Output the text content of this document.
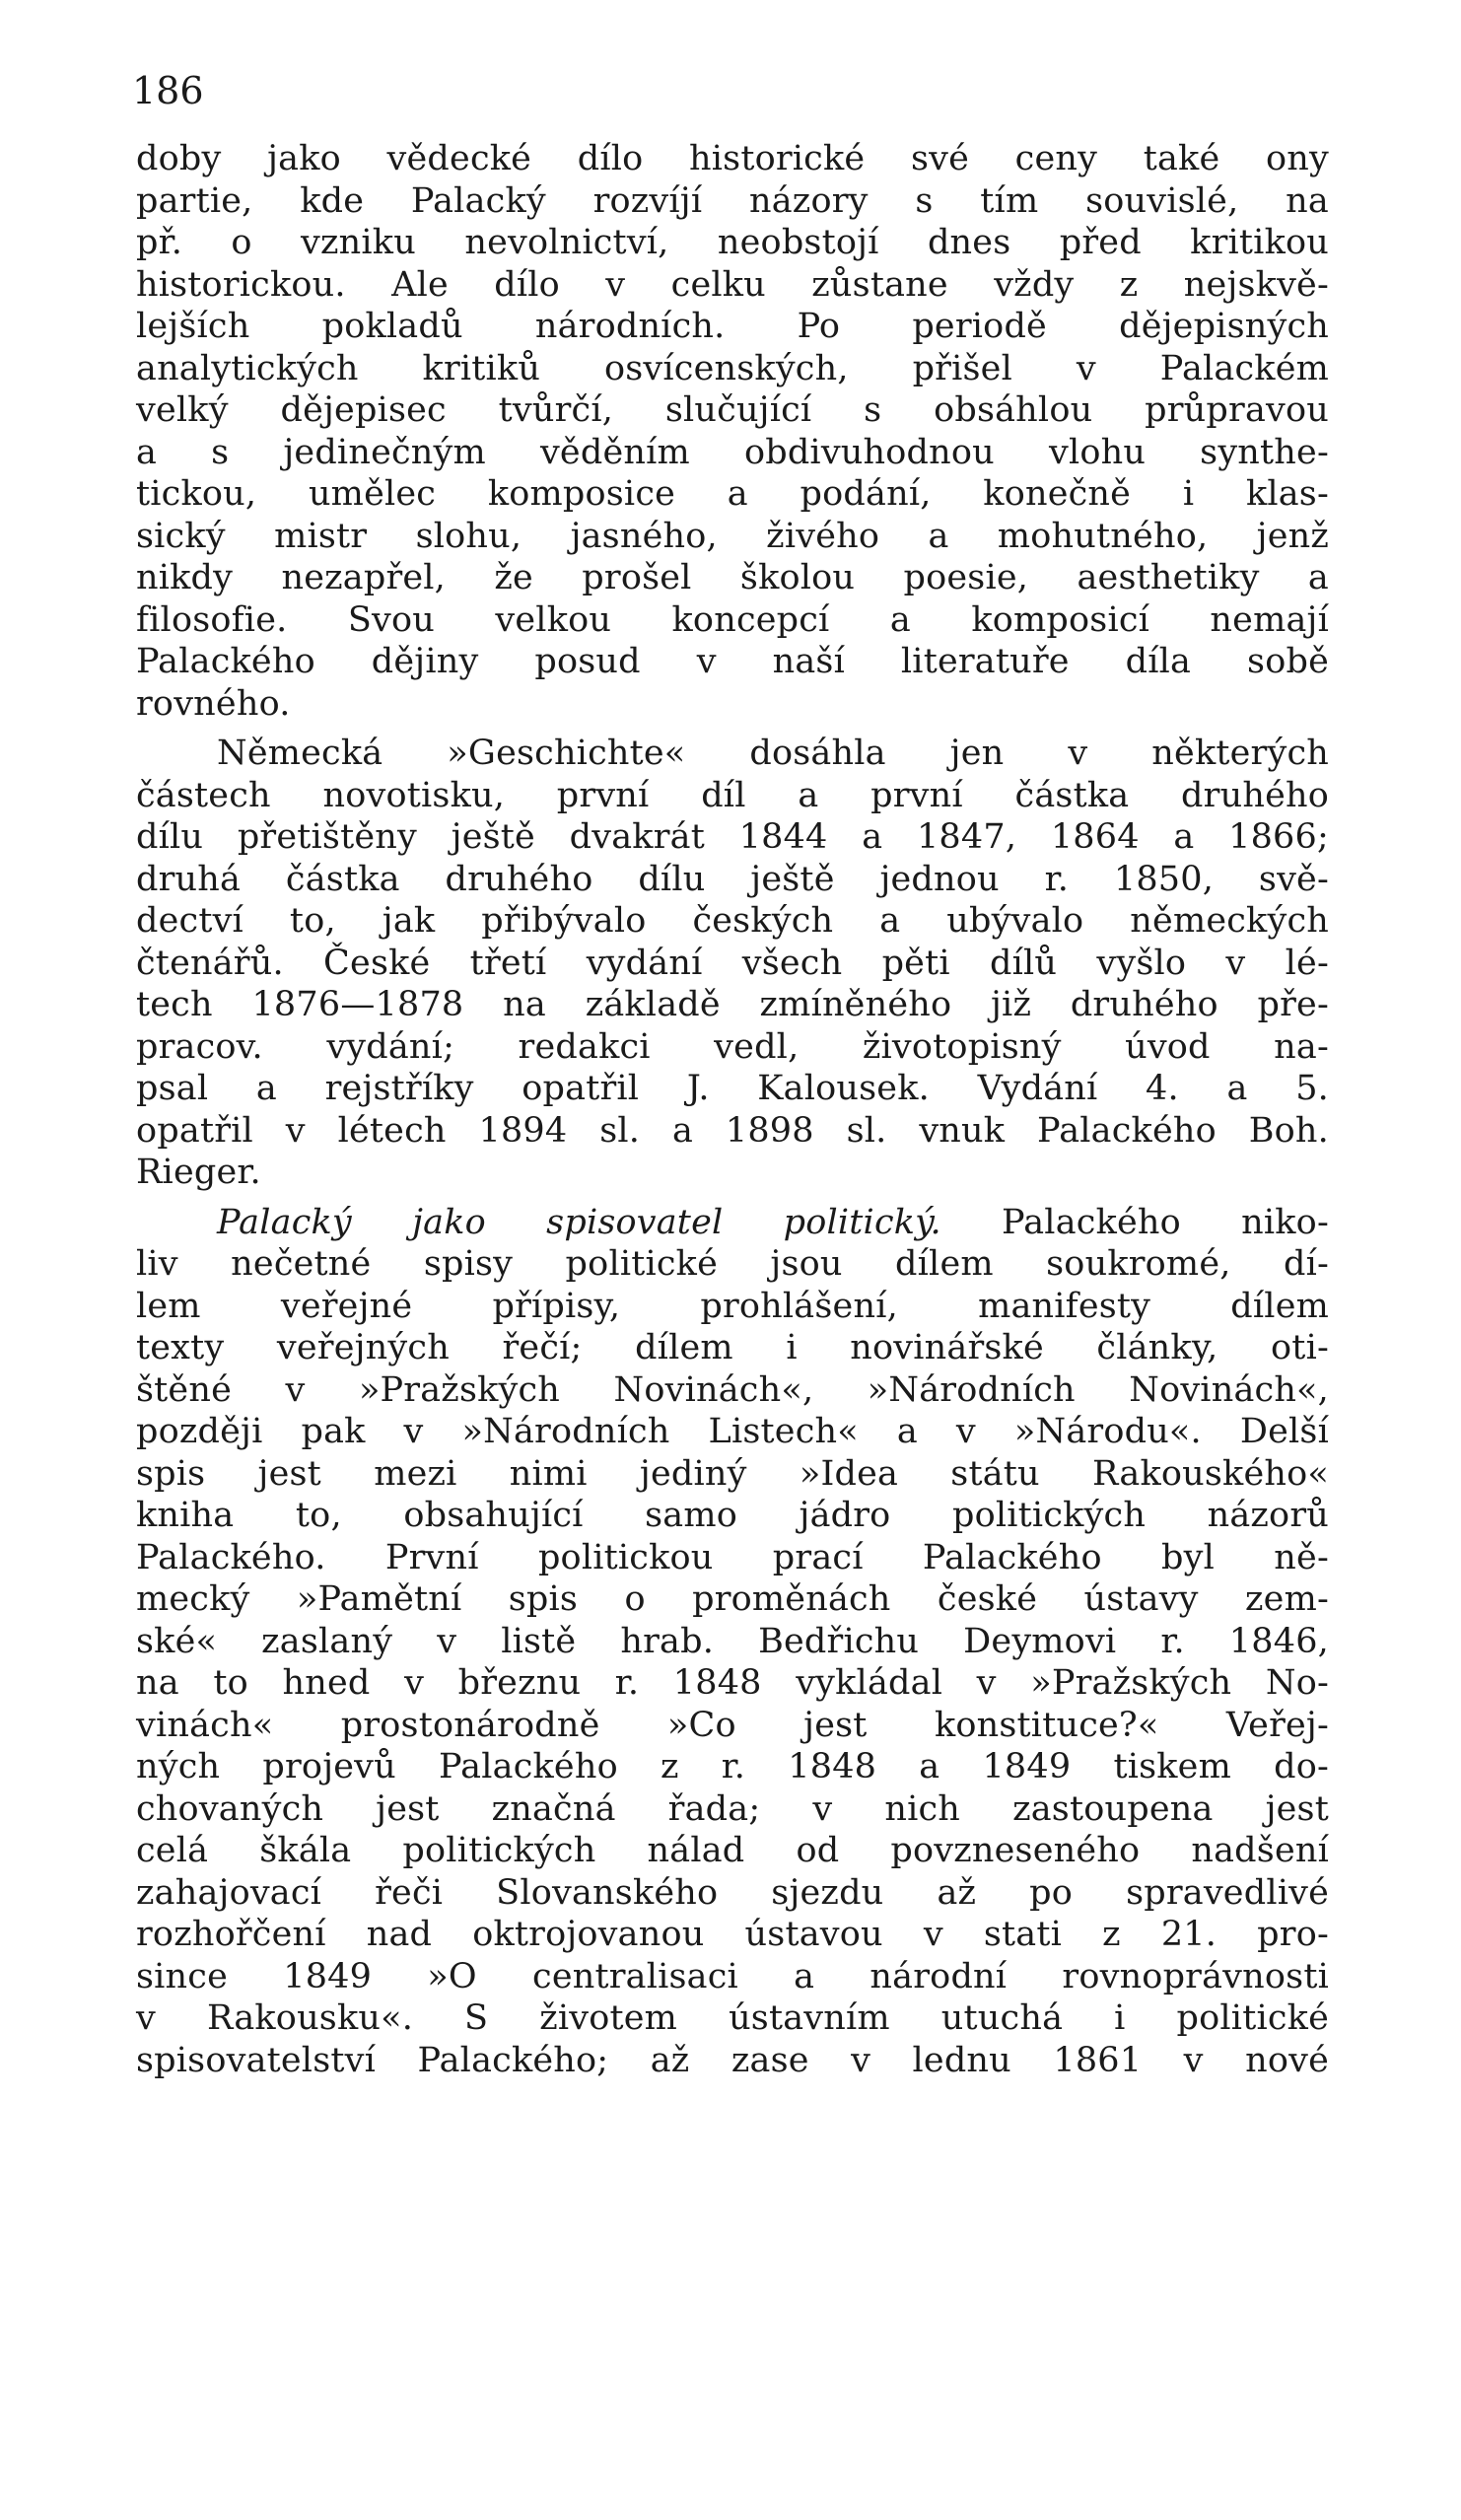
186
doby jako vědecké dílo historické své ceny také ony
partie, kde Palacký rozvíjí názory s tím souvislé, na
př. o vzniku nevolnictví, neobstojí dnes před kritikou
historickou. Ale dílo v celku zůstane vždy z nejskvě-
lejších pokladů národních. Po periodě dějepisných
analytických kritiků osvícenských, přišel v Palackém
velký dějepisec tvůrčí, slučující s obsáhlou průpravou
a s jedinečným věděním obdivuhodnou vlohu synthe-
tickou, umělec komposice a podání, konečně i klas-
sický mistr slohu, jasného, živého a mohutného, jenž
nikdy nezapřel, že prošel školou poesie, aesthetiky a
filosofie. Svou velkou koncepcí a komposicí nemají
Palackého dějiny posud v naší literatuře díla sobě
rovného.
Německá »Geschichte« dosáhla jen v některých
částech novotisku, první díl a první částka druhého
dílu přetištěny ještě dvakrát 1844 a 1847, 1864 a 1866;
druhá částka druhého dílu ještě jednou r. 1850, svě-
dectví to, jak přibývalo českých a ubývalo německých
čtenářů. České třetí vydání všech pěti dílů vyšlo v lé-
tech 1876—1878 na základě zmíněného již druhého pře-
pracov. vydání; redakci vedl, životopisný úvod na-
psal a rejstříky opatřil J. Kalousek. Vydání 4. a 5.
opatřil v létech 1894 sl. a 1898 sl. vnuk Palackého Boh.
Rieger.
Palacký jako spisovatel politický. Palackého niko-
liv nečetné spisy politické jsou dílem soukromé, dí-
lem veřejné přípisy, prohlášení, manifesty dílem
texty veřejných řečí; dílem i novinářské články, oti-
štěné v »Pražských Novinách«, »Národních Novinách«,
později pak v »Národních Listech« a v »Národu«. Delší
spis jest mezi nimi jediný »Idea státu Rakouského«
kniha to, obsahující samo jádro politických názorů
Palackého. První politickou prací Palackého byl ně-
mecký »Pamětní spis o proměnách české ústavy zem-
ské« zaslaný v listě hrab. Bedřichu Deymovi r. 1846,
na to hned v březnu r. 1848 vykládal v »Pražských No-
vinách« prostonárodně »Co jest konstituce?« Veřej-
ných projevů Palackého z r. 1848 a 1849 tiskem do-
chovaných jest značná řada; v nich zastoupena jest
celá škála politických nálad od povzneseného nadšení
zahajovací řeči Slovanského sjezdu až po spravedlivé
rozhořčení nad oktrojovanou ústavou v stati z 21. pro-
since 1849 »O centralisaci a národní rovnoprávnosti
v Rakousku«. S životem ústavním utuchá i politické
spisovatelství Palackého; až zase v lednu 1861 v nové
